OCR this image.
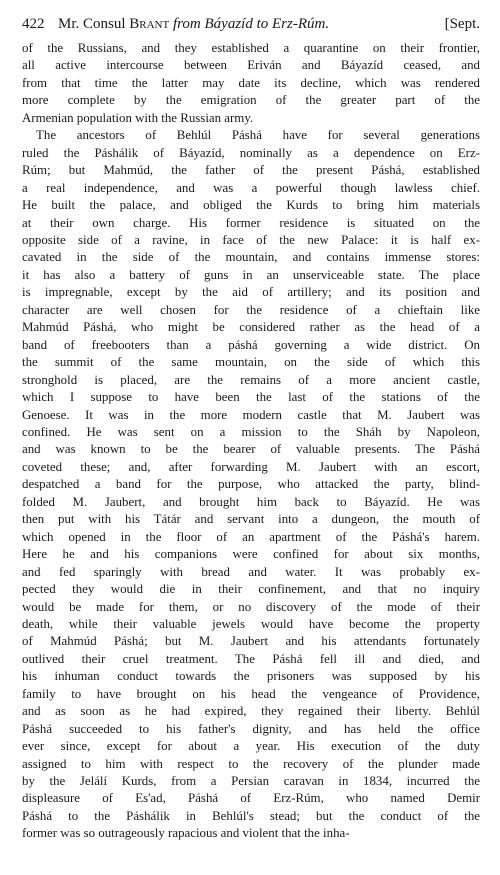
422 Mr. Consul Brant from Báyazíd to Erz-Rúm.	[Sept.
of the Russians, and they established a quarantine on their frontier,
all active intercourse between Eriván and Báyazíd ceased, and
from that time the latter may date its decline, which was rendered
more complete by the emigration of the greater part of the
Armenian population with the Russian army.
The ancestors of Behlúl Páshá have for several generations
ruled the Páshálik of Báyazíd, nominally as a dependence on Erz-
Rúm; but Mahmúd, the father of the present Páshá, established
a real independence, and was a powerful though lawless chief.
He built the palace, and obliged the Kurds to bring him materials
at their own charge. His former residence is situated on the
opposite side of a ravine, in face of the new Palace: it is half ex-
cavated in the side of the mountain, and contains immense stores:
it has also a battery of guns in an unserviceable state. The place
is impregnable, except by the aid of artillery; and its position and
character are well chosen for the residence of a chieftain like
Mahmúd Páshá, who might be considered rather as the head of a
band of freebooters than a páshá governing a wide district. On
the summit of the same mountain, on the side of which this
stronghold is placed, are the remains of a more ancient castle,
which I suppose to have been the last of the stations of the
Genoese. It was in the more modern castle that M. Jaubert was
confined. He was sent on a mission to the Sháh by Napoleon,
and was known to be the bearer of valuable presents. The Páshá
coveted these; and, after forwarding M. Jaubert with an escort,
despatched a band for the purpose, who attacked the party, blind-
folded M. Jaubert, and brought him back to Báyazíd. He was
then put with his Tátár and servant into a dungeon, the mouth of
which opened in the floor of an apartment of the Páshá's harem.
Here he and his companions were confined for about six months,
and fed sparingly with bread and water. It was probably ex-
pected they would die in their confinement, and that no inquiry
would be made for them, or no discovery of the mode of their
death, while their valuable jewels would have become the property
of Mahmúd Páshá; but M. Jaubert and his attendants fortunately
outlived their cruel treatment. The Páshá fell ill and died, and
his inhuman conduct towards the prisoners was supposed by his
family to have brought on his head the vengeance of Providence,
and as soon as he had expired, they regained their liberty. Behlúl
Páshá succeeded to his father's dignity, and has held the office
ever since, except for about a year. His execution of the duty
assigned to him with respect to the recovery of the plunder made
by the Jelálí Kurds, from a Persian caravan in 1834, incurred the
displeasure of Es'ad, Páshá of Erz-Rúm, who named Demir
Páshá to the Páshálik in Behlúl's stead; but the conduct of the
former was so outrageously rapacious and violent that the inha-
